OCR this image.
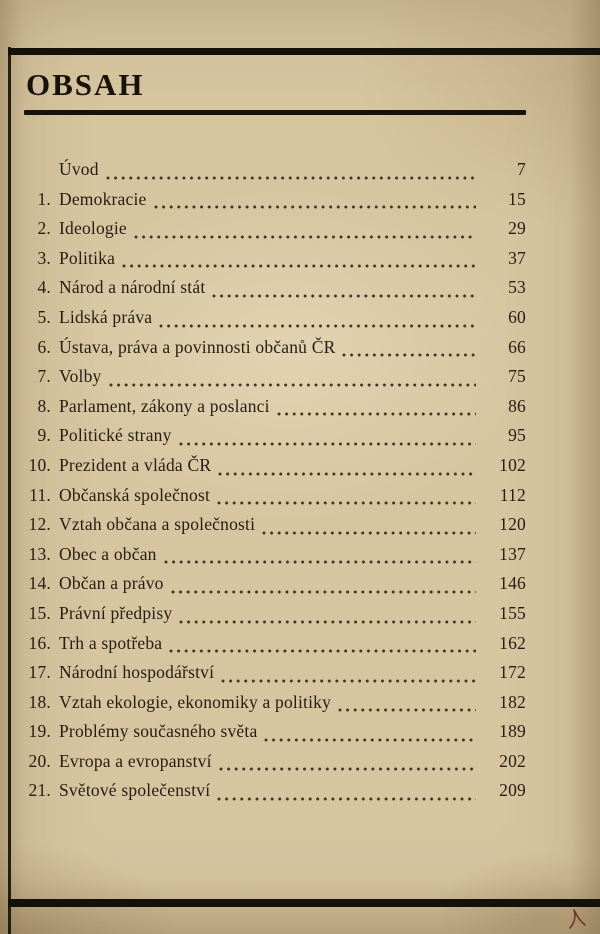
OBSAH
Úvod	7
1. Demokracie	15
2. Ideologie	29
3. Politika	37
4. Národ a národní stát	53
5. Lidská práva	60
6. Ústava, práva a povinnosti občanů ČR	66
7. Volby	75
8. Parlament, zákony a poslanci	86
9. Politické strany	95
10. Prezident a vláda ČR	102
11. Občanská společnost	112
12. Vztah občana a společnosti	120
13. Obec a občan	137
14. Občan a právo	146
15. Právní předpisy	155
16. Trh a spotřeba	162
17. Národní hospodářství	172
18. Vztah ekologie, ekonomiky a politiky	182
19. Problémy současného světa	189
20. Evropa a evropanství	202
21. Světové společenství	209
